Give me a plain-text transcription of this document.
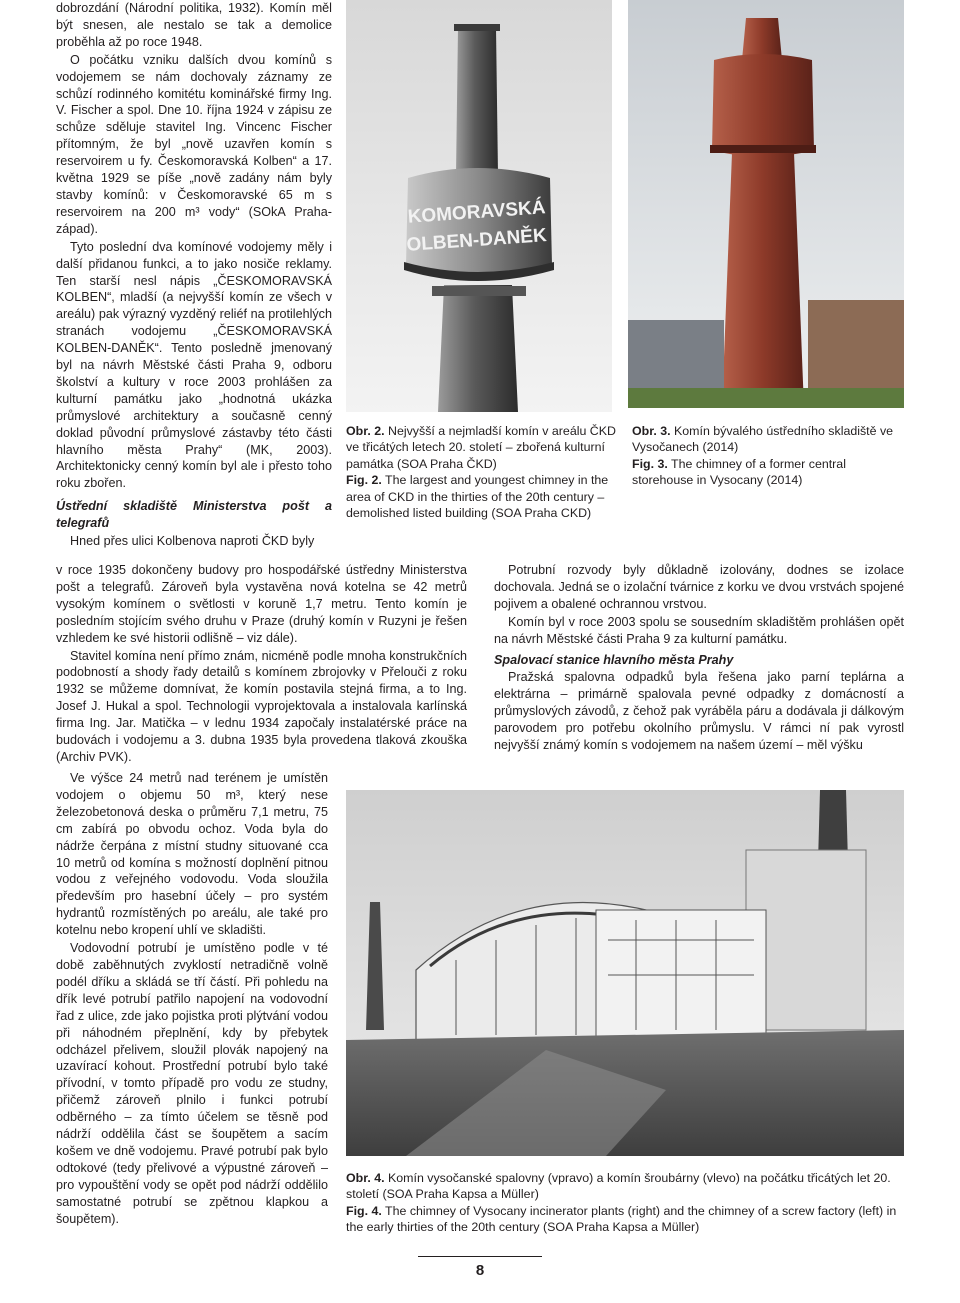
dobrozdání (Národní politika, 1932). Komín měl být snesen, ale nestalo se tak a demolice proběhla až po roce 1948.

O počátku vzniku dalších dvou komínů s vodojemem se nám dochovaly záznamy ze schůzí rodinného komitétu kominářské firmy Ing. V. Fischer a spol. Dne 10. října 1924 v zápisu ze schůze sděluje stavitel Ing. Vincenc Fischer přítomným, že byl „nově uzavřen komín s reservoirem u fy. Českomoravská Kolben“ a 17. května 1929 se píše „nově zadány nám byly stavby komínů: v Českomoravské 65 m s reservoirem na 200 m³ vody“ (SOkA Praha-západ).

Tyto poslední dva komínové vodojemy měly i další přidanou funkci, a to jako nosiče reklamy. Ten starší nesl nápis „ČESKOMORAVSKÁ KOLBEN“, mladší (a nejvyšší komín ze všech v areálu) pak výrazný vyzděný reliéf na protilehlých stranách vodojemu „ČESKOMORAVSKÁ KOLBEN-DANĚK“. Tento posledně jmenovaný byl na návrh Městské části Praha 9, odboru školství a kultury v roce 2003 prohlášen za kulturní památku jako „hodnotná ukázka průmyslové architektury a současně cenný doklad původní průmyslové zástavby této části hlavního města Prahy“ (MK, 2003). Architektonicky cenný komín byl ale i přesto toho roku zbořen.

Ústřední skladiště Ministerstva pošt a telegrafů

Hned přes ulici Kolbenova naproti ČKD byly

v roce 1935 dokončeny budovy pro hospodářské ústředny Ministerstva pošt a telegrafů. Zároveň byla vystavěna nová kotelna se 42 metrů vysokým komínem o světlosti v koruně 1,7 metru. Tento komín je posledním stojícím svého druhu v Praze (druhý komín v Ruzyni je řešen vzhledem ke své historii odlišně – viz dále).

Stavitel komína není přímo znám, nicméně podle mnoha konstrukčních podobností a shody řady detailů s komínem zbrojovky v Přelouči z roku 1932 se můžeme domnívat, že komín postavila stejná firma, a to Ing. Josef J. Hukal a spol. Technologii vyprojektovala a instalovala karlínská firma Ing. Jar. Matička – v lednu 1934 započaly instalatérské práce na budovách i vodojemu a 3. dubna 1935 byla provedena tlaková zkouška (Archiv PVK).

Ve výšce 24 metrů nad terénem je umístěn vodojem o objemu 50 m³, který nese železobetonová deska o průměru 7,1 metru, 75 cm zabírá po obvodu ochoz. Voda byla do nádrže čerpána z místní studny situované cca 10 metrů od komína s možností doplnění pitnou vodou z veřejného vodovodu. Voda sloužila především pro hasební účely – pro systém hydrantů rozmístěných po areálu, ale také pro kotelnu nebo kropení uhlí ve skladišti.

Vodovodní potrubí je umístěno podle v té době zaběhnutých zvyklostí netradičně volně podél dříku a skládá se tří částí. Při pohledu na dřík levé potrubí patřilo napojení na vodovodní řad z ulice, zde jako pojistka proti plýtvání vodou při náhodném přeplnění, kdy by přebytek odcházel přelivem, sloužil plovák napojený na uzavírací kohout. Prostřední potrubí bylo také přívodní, v tomto případě pro vodu ze studny, přičemž zároveň plnilo i funkci potrubí odběrného – za tímto účelem se těsně pod nádrží oddělila část se šoupětem a sacím košem ve dně vodojemu. Pravé potrubí pak bylo odtokové (tedy přelivové a výpustné zároveň – pro vypouštění vody se opět pod nádrží oddělilo samostatné potrubí se zpětnou klapkou a šoupětem).

Potrubní rozvody byly důkladně izolovány, dodnes se izolace dochovala. Jedná se o izolační tvárnice z korku ve dvou vrstvách spojené pojivem a obalené ochrannou vrstvou.

Komín byl v roce 2003 spolu se sousedním skladištěm prohlášen opět na návrh Městské části Praha 9 za kulturní památku.

Spalovací stanice hlavního města Prahy

Pražská spalovna odpadků byla řešena jako parní teplárna a elektrárna – primárně spalovala pevné odpadky z domácností a průmyslových závodů, z čehož pak vyráběla páru a dodávala ji dálkovým parovodem pro potřebu okolního průmyslu. V rámci ní pak vyrostl nejvyšší známý komín s vodojemem na našem území – měl výšku

KOMORAVSKÁ
OLBEN-DANĚK

Obr. 2. Nejvyšší a nejmladší komín v areálu ČKD ve třicátých letech 20. století – zbořená kulturní památka (SOA Praha ČKD)

Fig. 2. The largest and youngest chimney in the area of CKD in the thirties of the 20th century – demolished listed building (SOA Praha CKD)

Obr. 3. Komín bývalého ústředního skladiště ve Vysočanech (2014)

Fig. 3. The chimney of a former central storehouse in Vysocany (2014)

Obr. 4. Komín vysočanské spalovny (vpravo) a komín šroubárny (vlevo) na počátku třicátých let 20. století (SOA Praha Kapsa a Müller)

Fig. 4. The chimney of Vysocany incinerator plants (right) and the chimney of a screw factory (left) in the early thirties of the 20th century (SOA Praha Kapsa a Müller)

8
